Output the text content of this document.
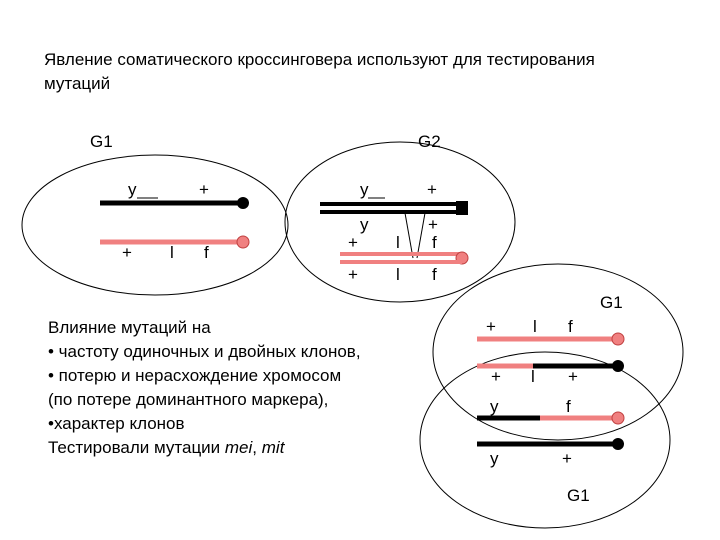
Явление соматического кроссинговера используют для тестирования мутаций
G1	G2
G1
G1
y	+
+ l f
y	+
y	+
+ l f
+ l f
+ l f
+ l +
y	f
y	+
Влияние мутаций на
• частоту одиночных и двойных клонов,
• потерю и нерасхождение хромосом
(по потере доминантного маркера),
•характер клонов
Тестировали мутации mei, mit
